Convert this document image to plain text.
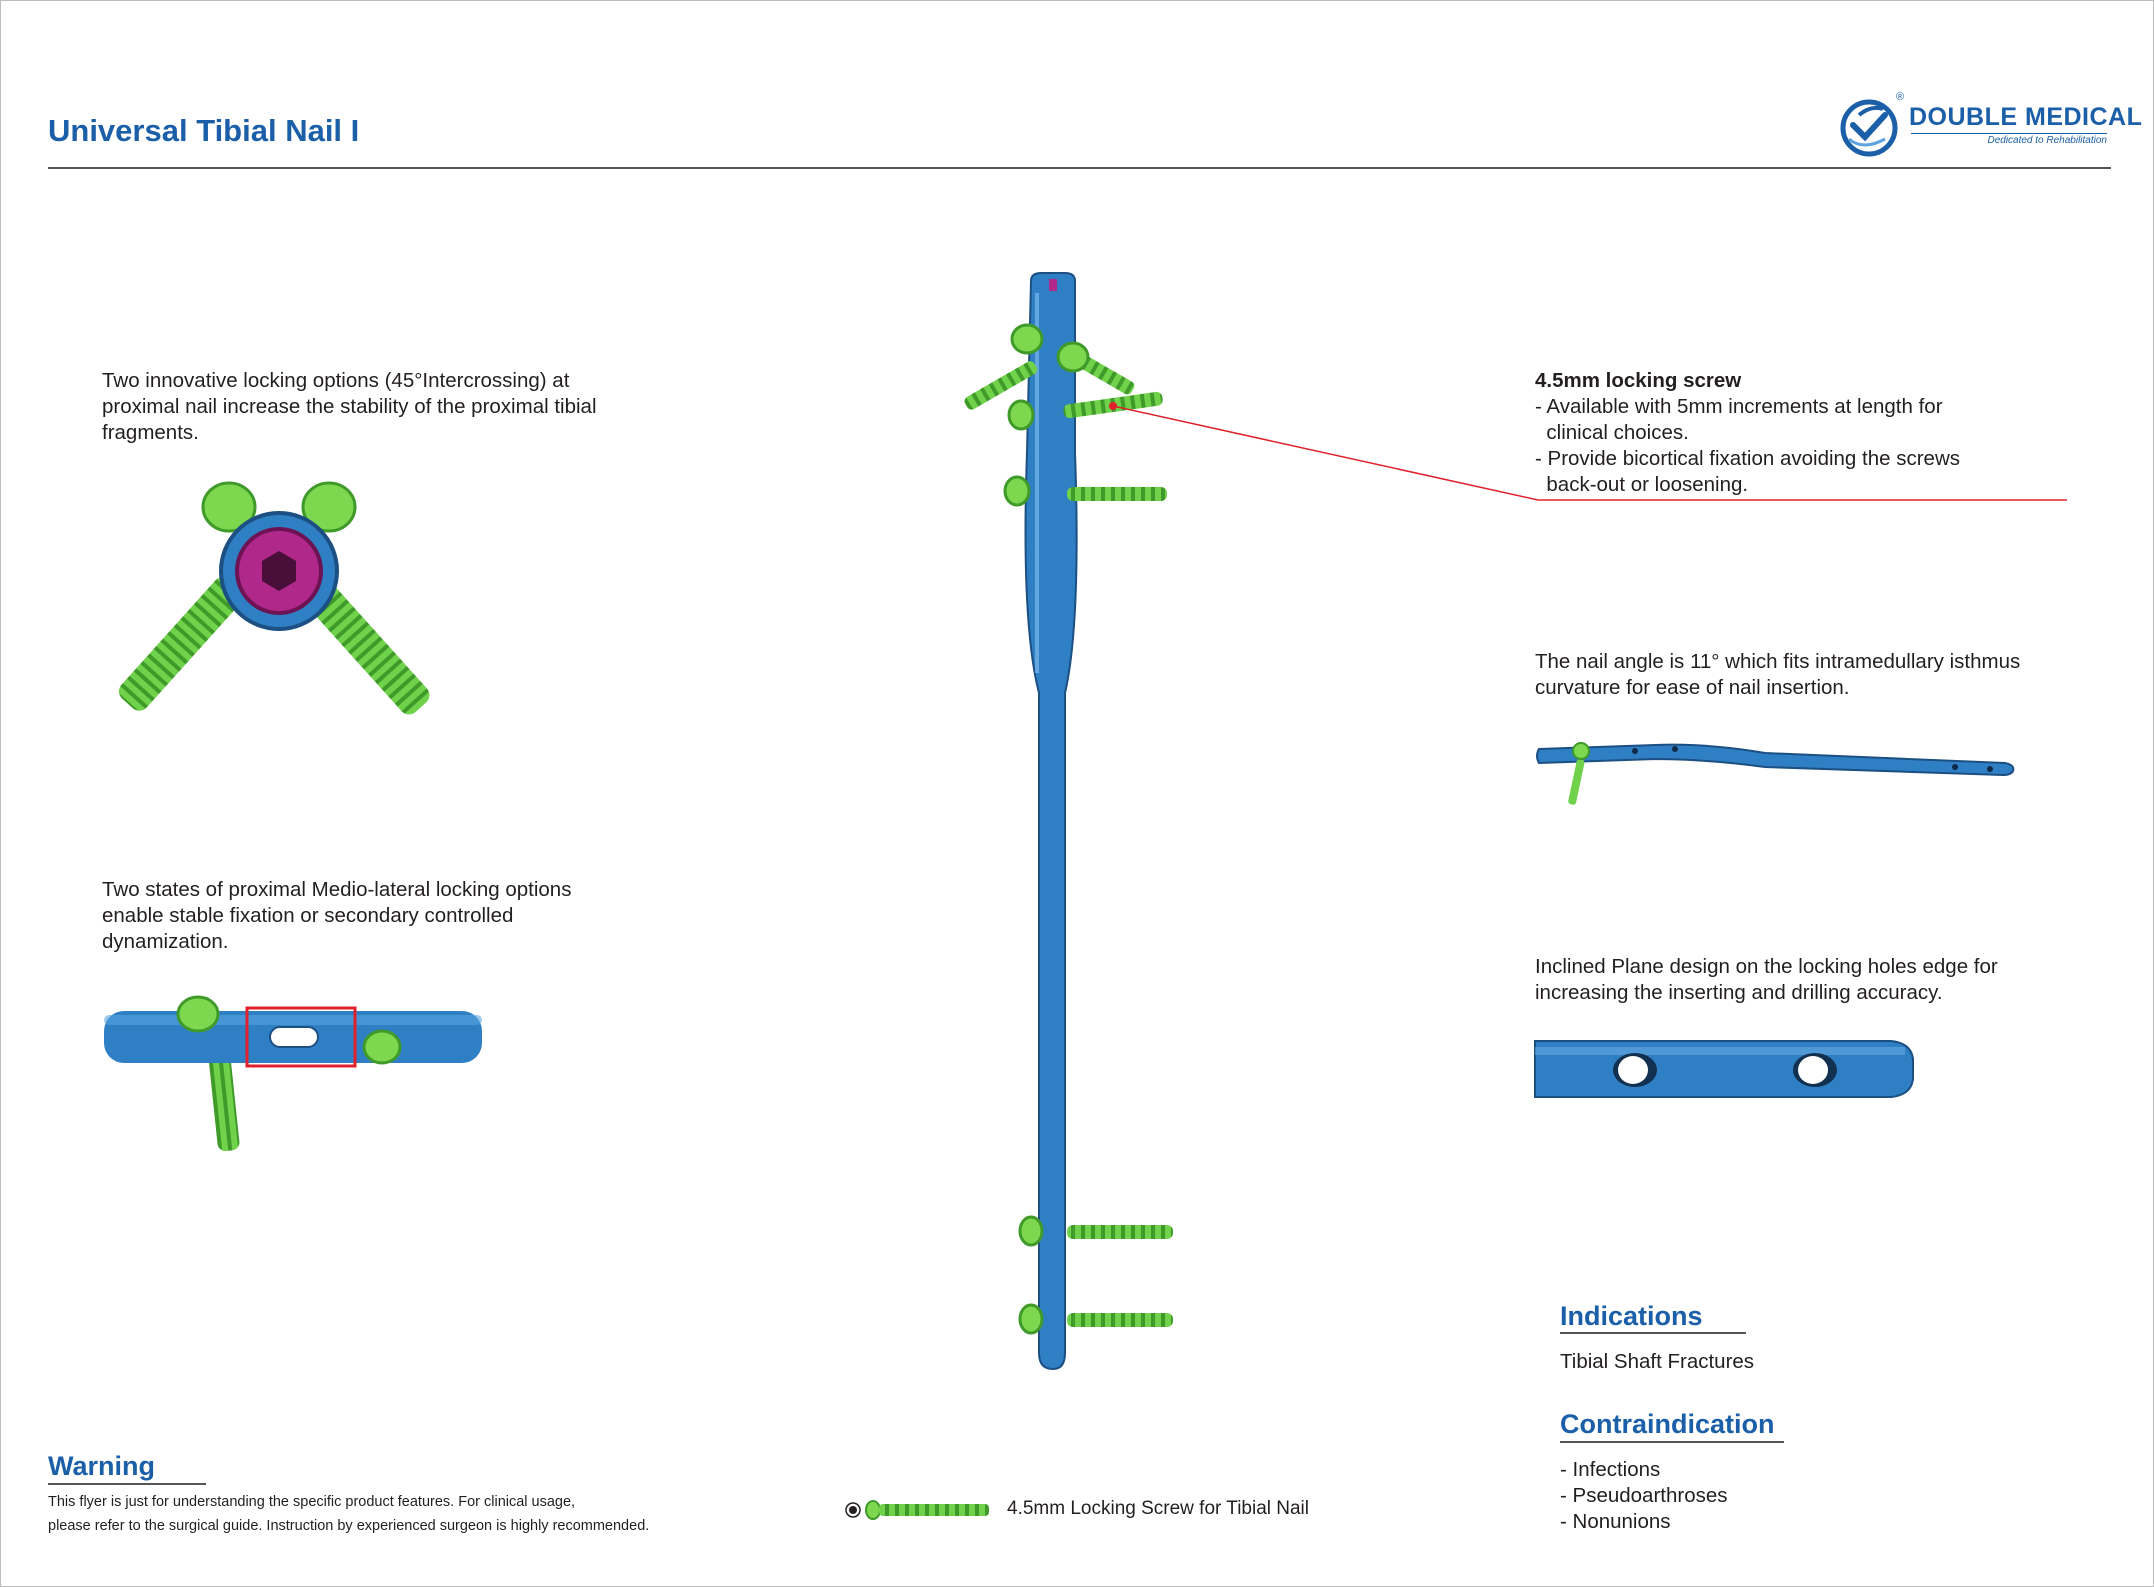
Universal Tibial Nail I
®
DOUBLE MEDICAL
Dedicated to Rehabilitation

Two innovative locking options (45°Intercrossing) at
proximal nail increase the stability of the proximal tibial
fragments.

Two states of proximal Medio-lateral locking options
enable stable fixation or secondary controlled
dynamization.

4.5mm locking screw
- Available with 5mm increments at length for
clinical choices.
- Provide bicortical fixation avoiding the screws
back-out or loosening.

The nail angle is 11° which fits intramedullary isthmus
curvature for ease of nail insertion.

Inclined Plane design on the locking holes edge for
increasing the inserting and drilling accuracy.

Indications
Tibial Shaft Fractures
Contraindication
- Infections
- Pseudoarthroses
- Nonunions
Warning
This flyer is just for understanding the specific product features. For clinical usage,
please refer to the surgical guide. Instruction by experienced surgeon is highly recommended.
4.5mm Locking Screw for Tibial Nail
